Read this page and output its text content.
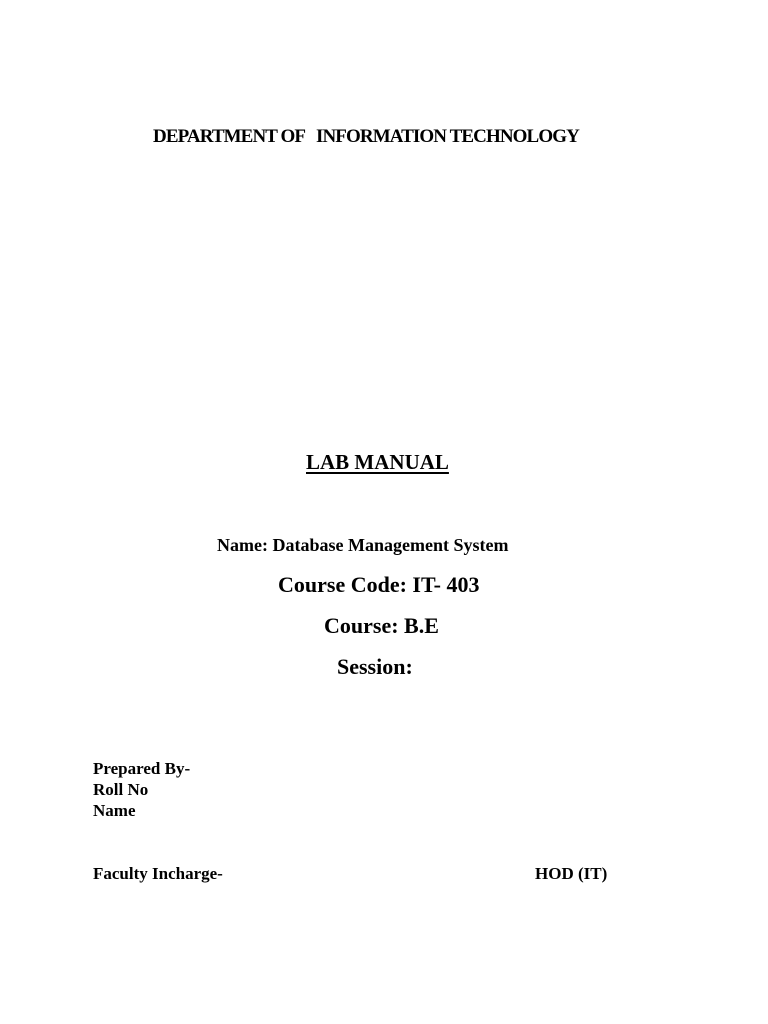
DEPARTMENT OF   INFORMATION TECHNOLOGY
LAB MANUAL
Name: Database Management System
Course Code: IT- 403
Course: B.E
Session:
Prepared By-
Roll No
Name
Faculty Incharge-	HOD (IT)
